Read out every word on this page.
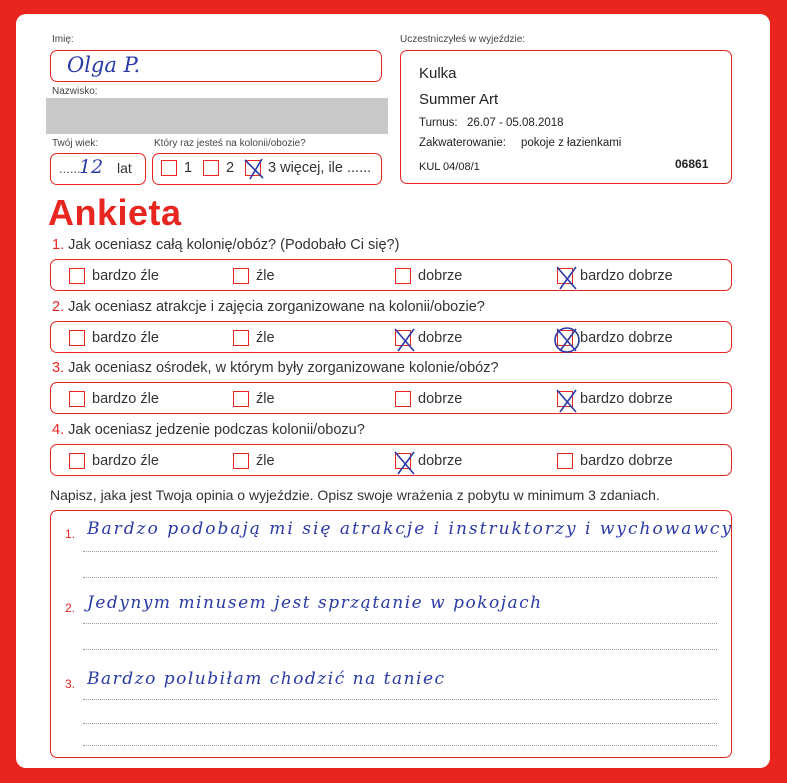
Imię:
Olga P.
Nazwisko:
Twój wiek:
......
12 lat
Który raz jesteś na kolonii/obozie?
1 2 3 więcej, ile ......
Uczestniczyłeś w wyjeździe:
Kulka
Summer Art
Turnus: 26.07 - 05.08.2018
Zakwaterowanie: pokoje z łazienkami
KUL 04/08/1	06861
Ankieta
1. Jak oceniasz całą kolonię/obóz? (Podobało Ci się?)
bardzo źle	źle	dobrze	bardzo dobrze
2. Jak oceniasz atrakcje i zajęcia zorganizowane na kolonii/obozie?
bardzo źle	źle	dobrze	bardzo dobrze
3. Jak oceniasz ośrodek, w którym były zorganizowane kolonie/obóz?
bardzo źle	źle	dobrze	bardzo dobrze
4. Jak oceniasz jedzenie podczas kolonii/obozu?
bardzo źle	źle	dobrze	bardzo dobrze
Napisz, jaka jest Twoja opinia o wyjeździe. Opisz swoje wrażenia z pobytu w minimum 3 zdaniach.
1. Bardzo podobają mi się atrakcje i instruktorzy i wychowawcy
2. Jedynym minusem jest sprzątanie w pokojach
3. Bardzo polubiłam chodzić na taniec
